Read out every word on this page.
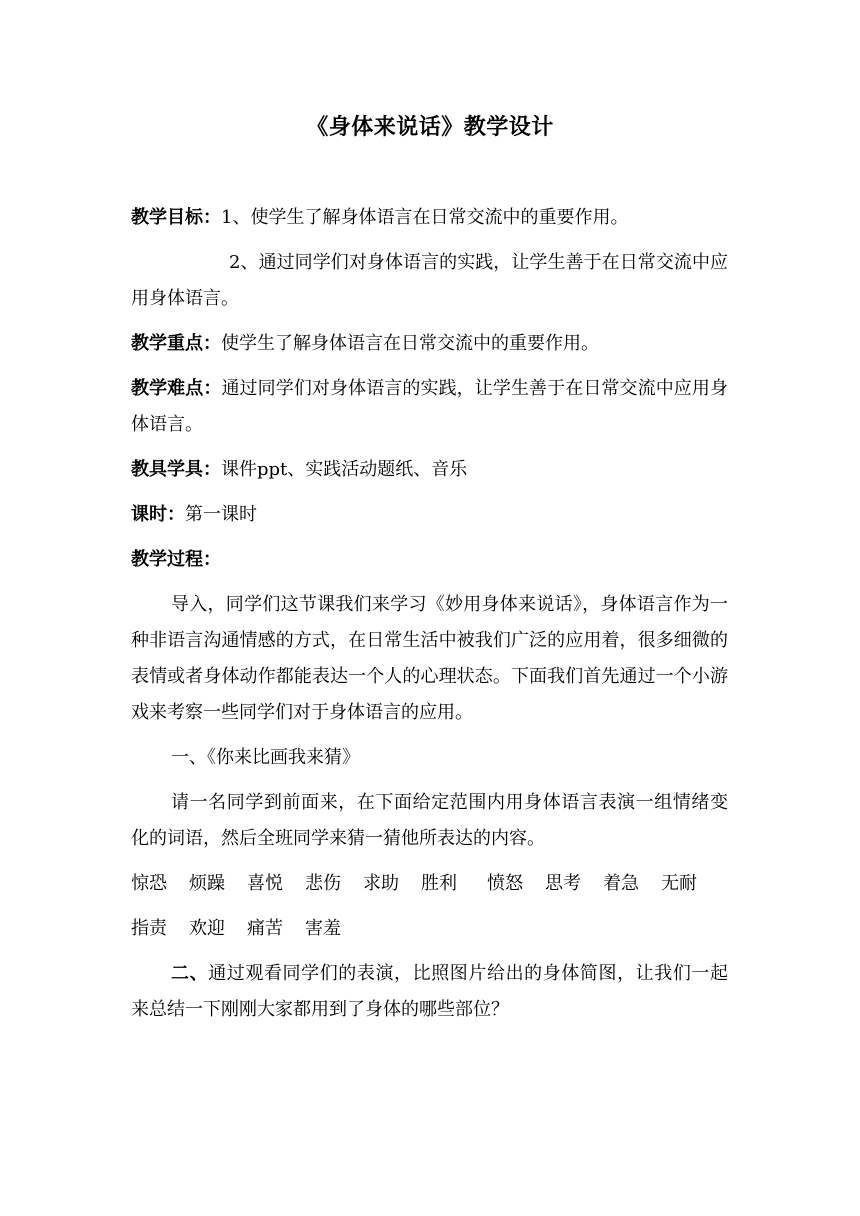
《身体来说话》教学设计

教学目标：1、使学生了解身体语言在日常交流中的重要作用。

2、通过同学们对身体语言的实践，让学生善于在日常交流中应用身体语言。

教学重点：使学生了解身体语言在日常交流中的重要作用。

教学难点：通过同学们对身体语言的实践，让学生善于在日常交流中应用身体语言。

教具学具：课件ppt、实践活动题纸、音乐

课时：第一课时

教学过程：

导入，同学们这节课我们来学习《妙用身体来说话》，身体语言作为一种非语言沟通情感的方式，在日常生活中被我们广泛的应用着，很多细微的表情或者身体动作都能表达一个人的心理状态。下面我们首先通过一个小游戏来考察一些同学们对于身体语言的应用。

一、《你来比画我来猜》

请一名同学到前面来，在下面给定范围内用身体语言表演一组情绪变化的词语，然后全班同学来猜一猜他所表达的内容。

惊恐 烦躁 喜悦 悲伤 求助 胜利 愤怒 思考 着急 无耐
指责 欢迎 痛苦 害羞

二、通过观看同学们的表演，比照图片给出的身体简图，让我们一起来总结一下刚刚大家都用到了身体的哪些部位？
